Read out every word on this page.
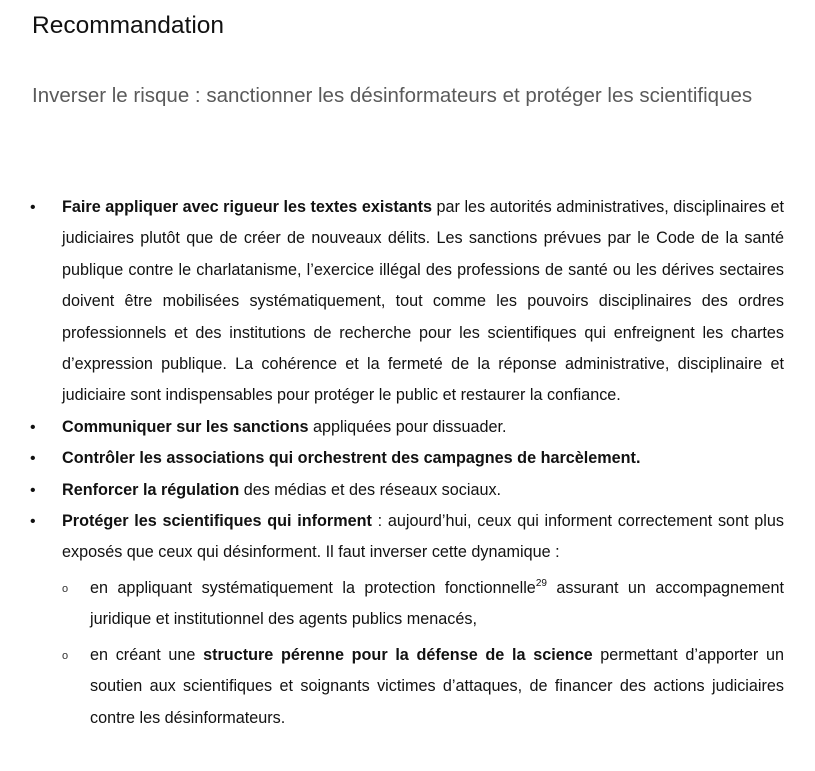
Recommandation
Inverser le risque : sanctionner les désinformateurs et protéger les scientifiques
• Faire appliquer avec rigueur les textes existants par les autorités administratives, disciplinaires et judiciaires plutôt que de créer de nouveaux délits. Les sanctions prévues par le Code de la santé publique contre le charlatanisme, l’exercice illégal des professions de santé ou les dérives sectaires doivent être mobilisées systématiquement, tout comme les pouvoirs disciplinaires des ordres professionnels et des institutions de recherche pour les scientifiques qui enfreignent les chartes d’expression publique. La cohérence et la fermeté de la réponse administrative, disciplinaire et judiciaire sont indispensables pour protéger le public et restaurer la confiance.
• Communiquer sur les sanctions appliquées pour dissuader.
• Contrôler les associations qui orchestrent des campagnes de harcèlement.
• Renforcer la régulation des médias et des réseaux sociaux.
• Protéger les scientifiques qui informent : aujourd’hui, ceux qui informent correctement sont plus exposés que ceux qui désinforment. Il faut inverser cette dynamique :
o en appliquant systématiquement la protection fonctionnelle$^{29}$ assurant un accompagnement juridique et institutionnel des agents publics menacés,
o en créant une structure pérenne pour la défense de la science permettant d’apporter un soutien aux scientifiques et soignants victimes d’attaques, de financer des actions judiciaires contre les désinformateurs.
